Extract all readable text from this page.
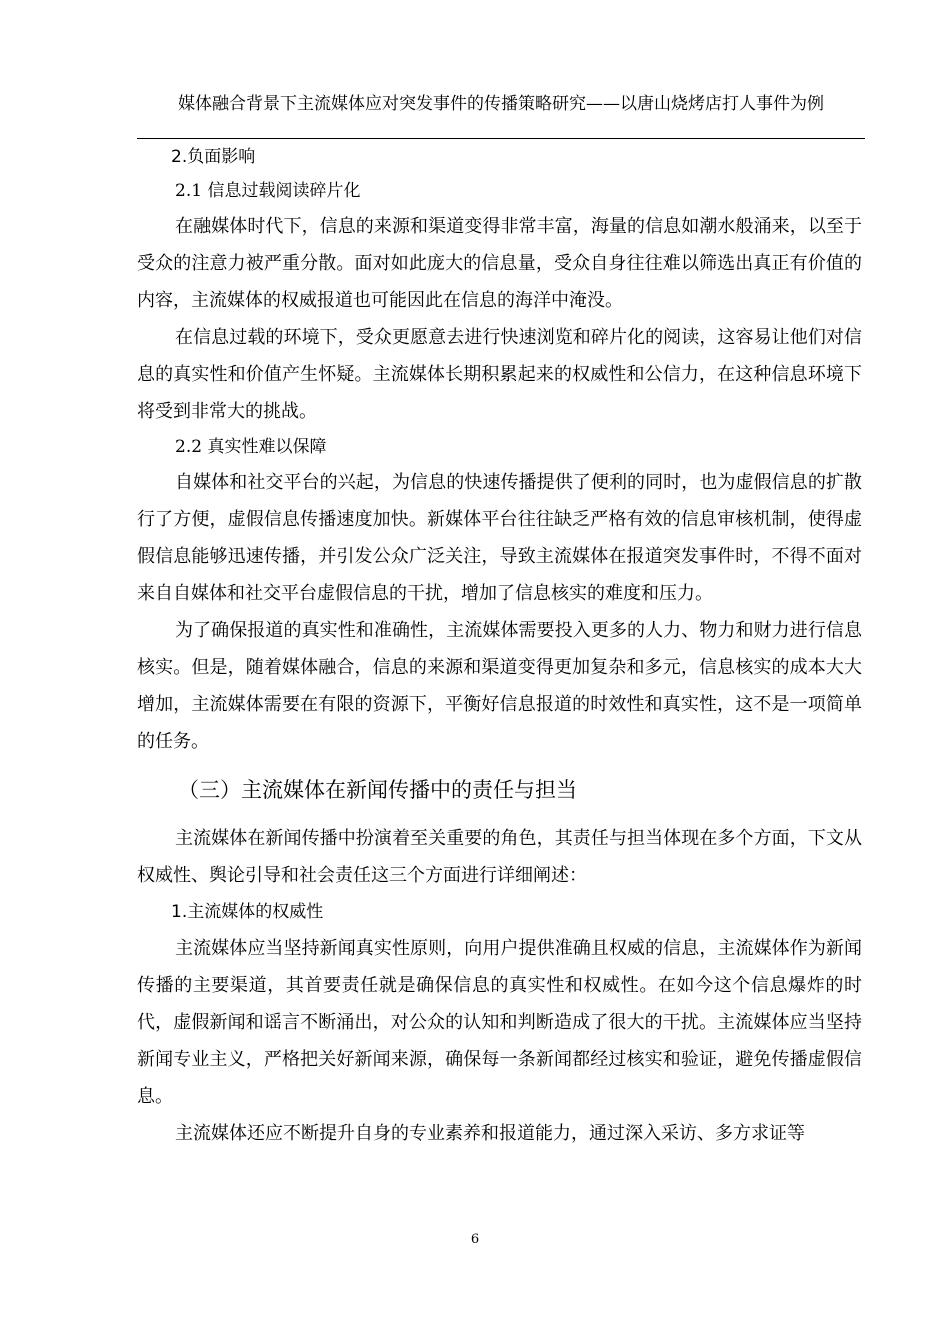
媒体融合背景下主流媒体应对突发事件的传播策略研究——以唐山烧烤店打人事件为例
2.负面影响
2.1 信息过载阅读碎片化

在融媒体时代下，信息的来源和渠道变得非常丰富，海量的信息如潮水般涌来，以至于受众的注意力被严重分散。面对如此庞大的信息量，受众自身往往难以筛选出真正有价值的内容，主流媒体的权威报道也可能因此在信息的海洋中淹没。

在信息过载的环境下，受众更愿意去进行快速浏览和碎片化的阅读，这容易让他们对信息的真实性和价值产生怀疑。主流媒体长期积累起来的权威性和公信力，在这种信息环境下将受到非常大的挑战。

2.2 真实性难以保障

自媒体和社交平台的兴起，为信息的快速传播提供了便利的同时，也为虚假信息的扩散行了方便，虚假信息传播速度加快。新媒体平台往往缺乏严格有效的信息审核机制，使得虚假信息能够迅速传播，并引发公众广泛关注，导致主流媒体在报道突发事件时，不得不面对来自自媒体和社交平台虚假信息的干扰，增加了信息核实的难度和压力。

为了确保报道的真实性和准确性，主流媒体需要投入更多的人力、物力和财力进行信息核实。但是，随着媒体融合，信息的来源和渠道变得更加复杂和多元，信息核实的成本大大增加，主流媒体需要在有限的资源下，平衡好信息报道的时效性和真实性，这不是一项简单的任务。

（三）主流媒体在新闻传播中的责任与担当

主流媒体在新闻传播中扮演着至关重要的角色，其责任与担当体现在多个方面，下文从权威性、舆论引导和社会责任这三个方面进行详细阐述：

1.主流媒体的权威性

主流媒体应当坚持新闻真实性原则，向用户提供准确且权威的信息，主流媒体作为新闻传播的主要渠道，其首要责任就是确保信息的真实性和权威性。在如今这个信息爆炸的时代，虚假新闻和谣言不断涌出，对公众的认知和判断造成了很大的干扰。主流媒体应当坚持新闻专业主义，严格把关好新闻来源，确保每一条新闻都经过核实和验证，避免传播虚假信息。

主流媒体还应不断提升自身的专业素养和报道能力，通过深入采访、多方求证等

6
